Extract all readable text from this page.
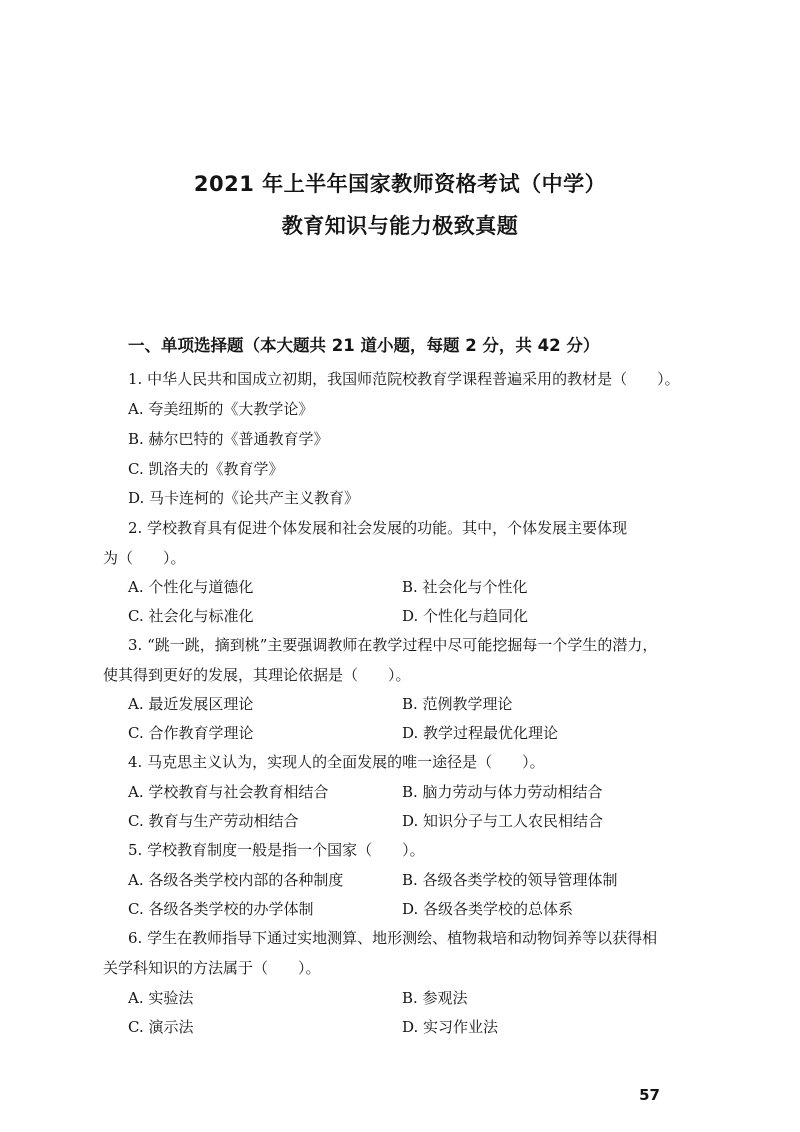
2021 年上半年国家教师资格考试（中学）
教育知识与能力极致真题
一、单项选择题（本大题共 21 道小题，每题 2 分，共 42 分）
1. 中华人民共和国成立初期，我国师范院校教育学课程普遍采用的教材是（　　）。
A. 夸美纽斯的《大教学论》
B. 赫尔巴特的《普通教育学》
C. 凯洛夫的《教育学》
D. 马卡连柯的《论共产主义教育》
2. 学校教育具有促进个体发展和社会发展的功能。其中，个体发展主要体现
为（　　）。
A. 个性化与道德化	B. 社会化与个性化
C. 社会化与标准化	D. 个性化与趋同化
3. “跳一跳，摘到桃”主要强调教师在教学过程中尽可能挖掘每一个学生的潜力，
使其得到更好的发展，其理论依据是（　　）。
A. 最近发展区理论	B. 范例教学理论
C. 合作教育学理论	D. 教学过程最优化理论
4. 马克思主义认为，实现人的全面发展的唯一途径是（　　）。
A. 学校教育与社会教育相结合	B. 脑力劳动与体力劳动相结合
C. 教育与生产劳动相结合	D. 知识分子与工人农民相结合
5. 学校教育制度一般是指一个国家（　　）。
A. 各级各类学校内部的各种制度	B. 各级各类学校的领导管理体制
C. 各级各类学校的办学体制	D. 各级各类学校的总体系
6. 学生在教师指导下通过实地测算、地形测绘、植物栽培和动物饲养等以获得相
关学科知识的方法属于（　　）。
A. 实验法	B. 参观法
C. 演示法	D. 实习作业法
57
